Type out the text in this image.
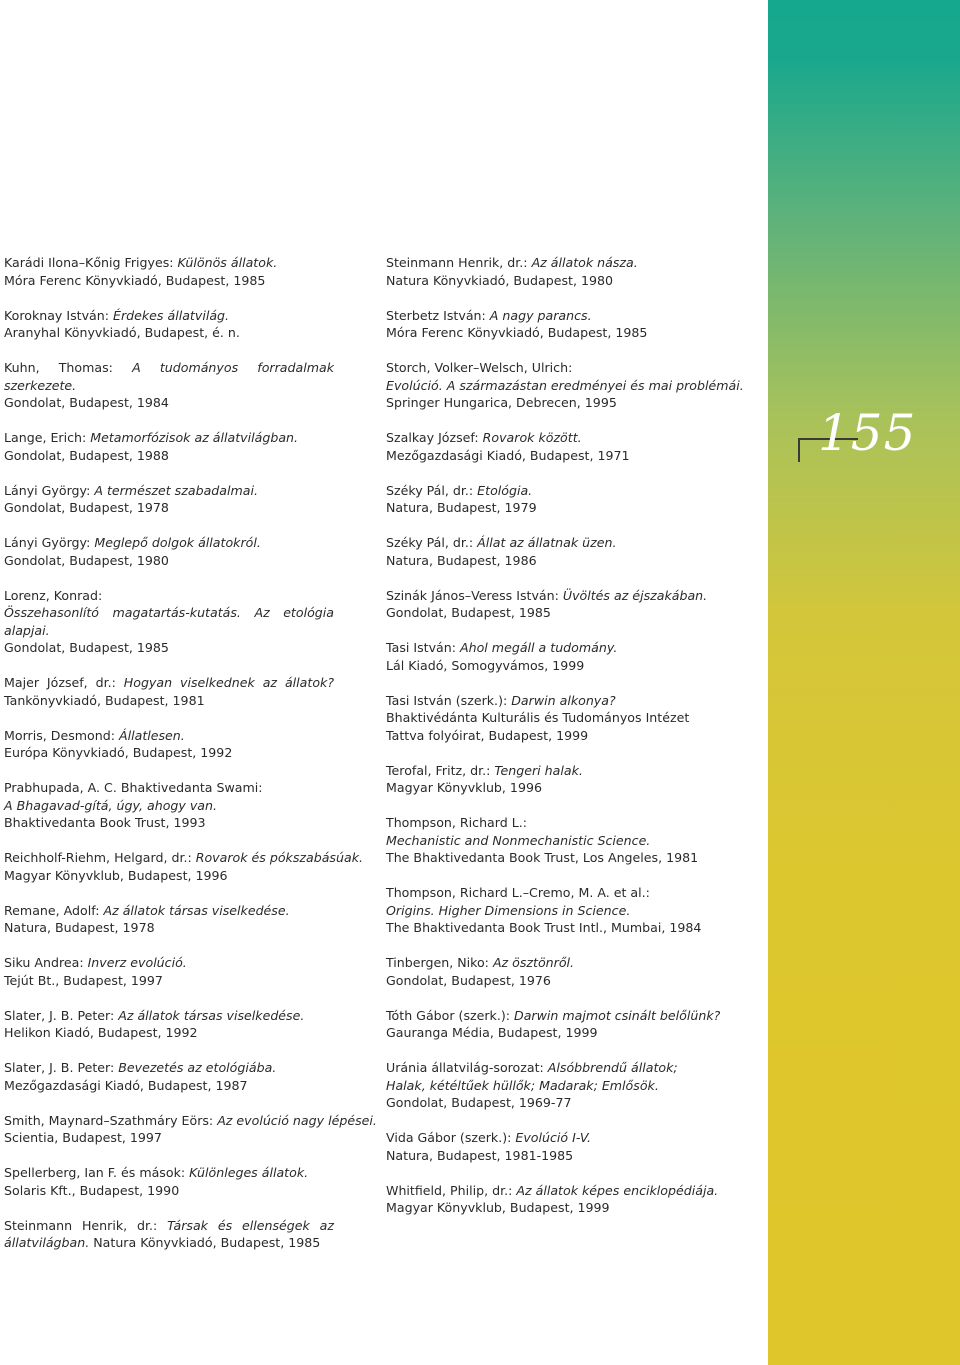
155
Karádi Ilona–Kőnig Frigyes: Különös állatok.
Móra Ferenc Könyvkiadó, Budapest, 1985
Koroknay István: Érdekes állatvilág.
Aranyhal Könyvkiadó, Budapest, é. n.
Kuhn, Thomas: A tudományos forradalmak szerkezete.
Gondolat, Budapest, 1984
Lange, Erich: Metamorfózisok az állatvilágban.
Gondolat, Budapest, 1988
Lányi György: A természet szabadalmai.
Gondolat, Budapest, 1978
Lányi György: Meglepő dolgok állatokról.
Gondolat, Budapest, 1980
Lorenz, Konrad:
Összehasonlító magatartás-kutatás. Az etológia alapjai.
Gondolat, Budapest, 1985
Majer József, dr.: Hogyan viselkednek az állatok?
Tankönyvkiadó, Budapest, 1981
Morris, Desmond: Állatlesen.
Európa Könyvkiadó, Budapest, 1992
Prabhupada, A. C. Bhaktivedanta Swami:
A Bhagavad-gítá, úgy, ahogy van.
Bhaktivedanta Book Trust, 1993
Reichholf-Riehm, Helgard, dr.: Rovarok és pókszabásúak.
Magyar Könyvklub, Budapest, 1996
Remane, Adolf: Az állatok társas viselkedése.
Natura, Budapest, 1978
Siku Andrea: Inverz evolúció.
Tejút Bt., Budapest, 1997
Slater, J. B. Peter: Az állatok társas viselkedése.
Helikon Kiadó, Budapest, 1992
Slater, J. B. Peter: Bevezetés az etológiába.
Mezőgazdasági Kiadó, Budapest, 1987
Smith, Maynard–Szathmáry Eörs: Az evolúció nagy lépései.
Scientia, Budapest, 1997
Spellerberg, Ian F. és mások: Különleges állatok.
Solaris Kft., Budapest, 1990
Steinmann Henrik, dr.: Társak és ellenségek az
állatvilágban. Natura Könyvkiadó, Budapest, 1985
Steinmann Henrik, dr.: Az állatok nászа.
Natura Könyvkiadó, Budapest, 1980
Sterbetz István: A nagy parancs.
Móra Ferenc Könyvkiadó, Budapest, 1985
Storch, Volker–Welsch, Ulrich:
Evolúció. A származástan eredményei és mai problémái.
Springer Hungarica, Debrecen, 1995
Szalkay József: Rovarok között.
Mezőgazdasági Kiadó, Budapest, 1971
Széky Pál, dr.: Etológia.
Natura, Budapest, 1979
Széky Pál, dr.: Állat az állatnak üzen.
Natura, Budapest, 1986
Szinák János–Veress István: Üvöltés az éjszakában.
Gondolat, Budapest, 1985
Tasi István: Ahol megáll a tudomány.
Lál Kiadó, Somogyvámos, 1999
Tasi István (szerk.): Darwin alkonya?
Bhaktivédánta Kulturális és Tudományos Intézet
Tattva folyóirat, Budapest, 1999
Terofal, Fritz, dr.: Tengeri halak.
Magyar Könyvklub, 1996
Thompson, Richard L.:
Mechanistic and Nonmechanistic Science.
The Bhaktivedanta Book Trust, Los Angeles, 1981
Thompson, Richard L.–Cremo, M. A. et al.:
Origins. Higher Dimensions in Science.
The Bhaktivedanta Book Trust Intl., Mumbai, 1984
Tinbergen, Niko: Az ösztönről.
Gondolat, Budapest, 1976
Tóth Gábor (szerk.): Darwin majmot csinált belőlünk?
Gauranga Média, Budapest, 1999
Uránia állatvilág-sorozat: Alsóbbrendű állatok;
Halak, kétéltűek hüllők; Madarak; Emlősök.
Gondolat, Budapest, 1969-77
Vida Gábor (szerk.): Evolúció I-V.
Natura, Budapest, 1981-1985
Whitfield, Philip, dr.: Az állatok képes enciklopédiája.
Magyar Könyvklub, Budapest, 1999
